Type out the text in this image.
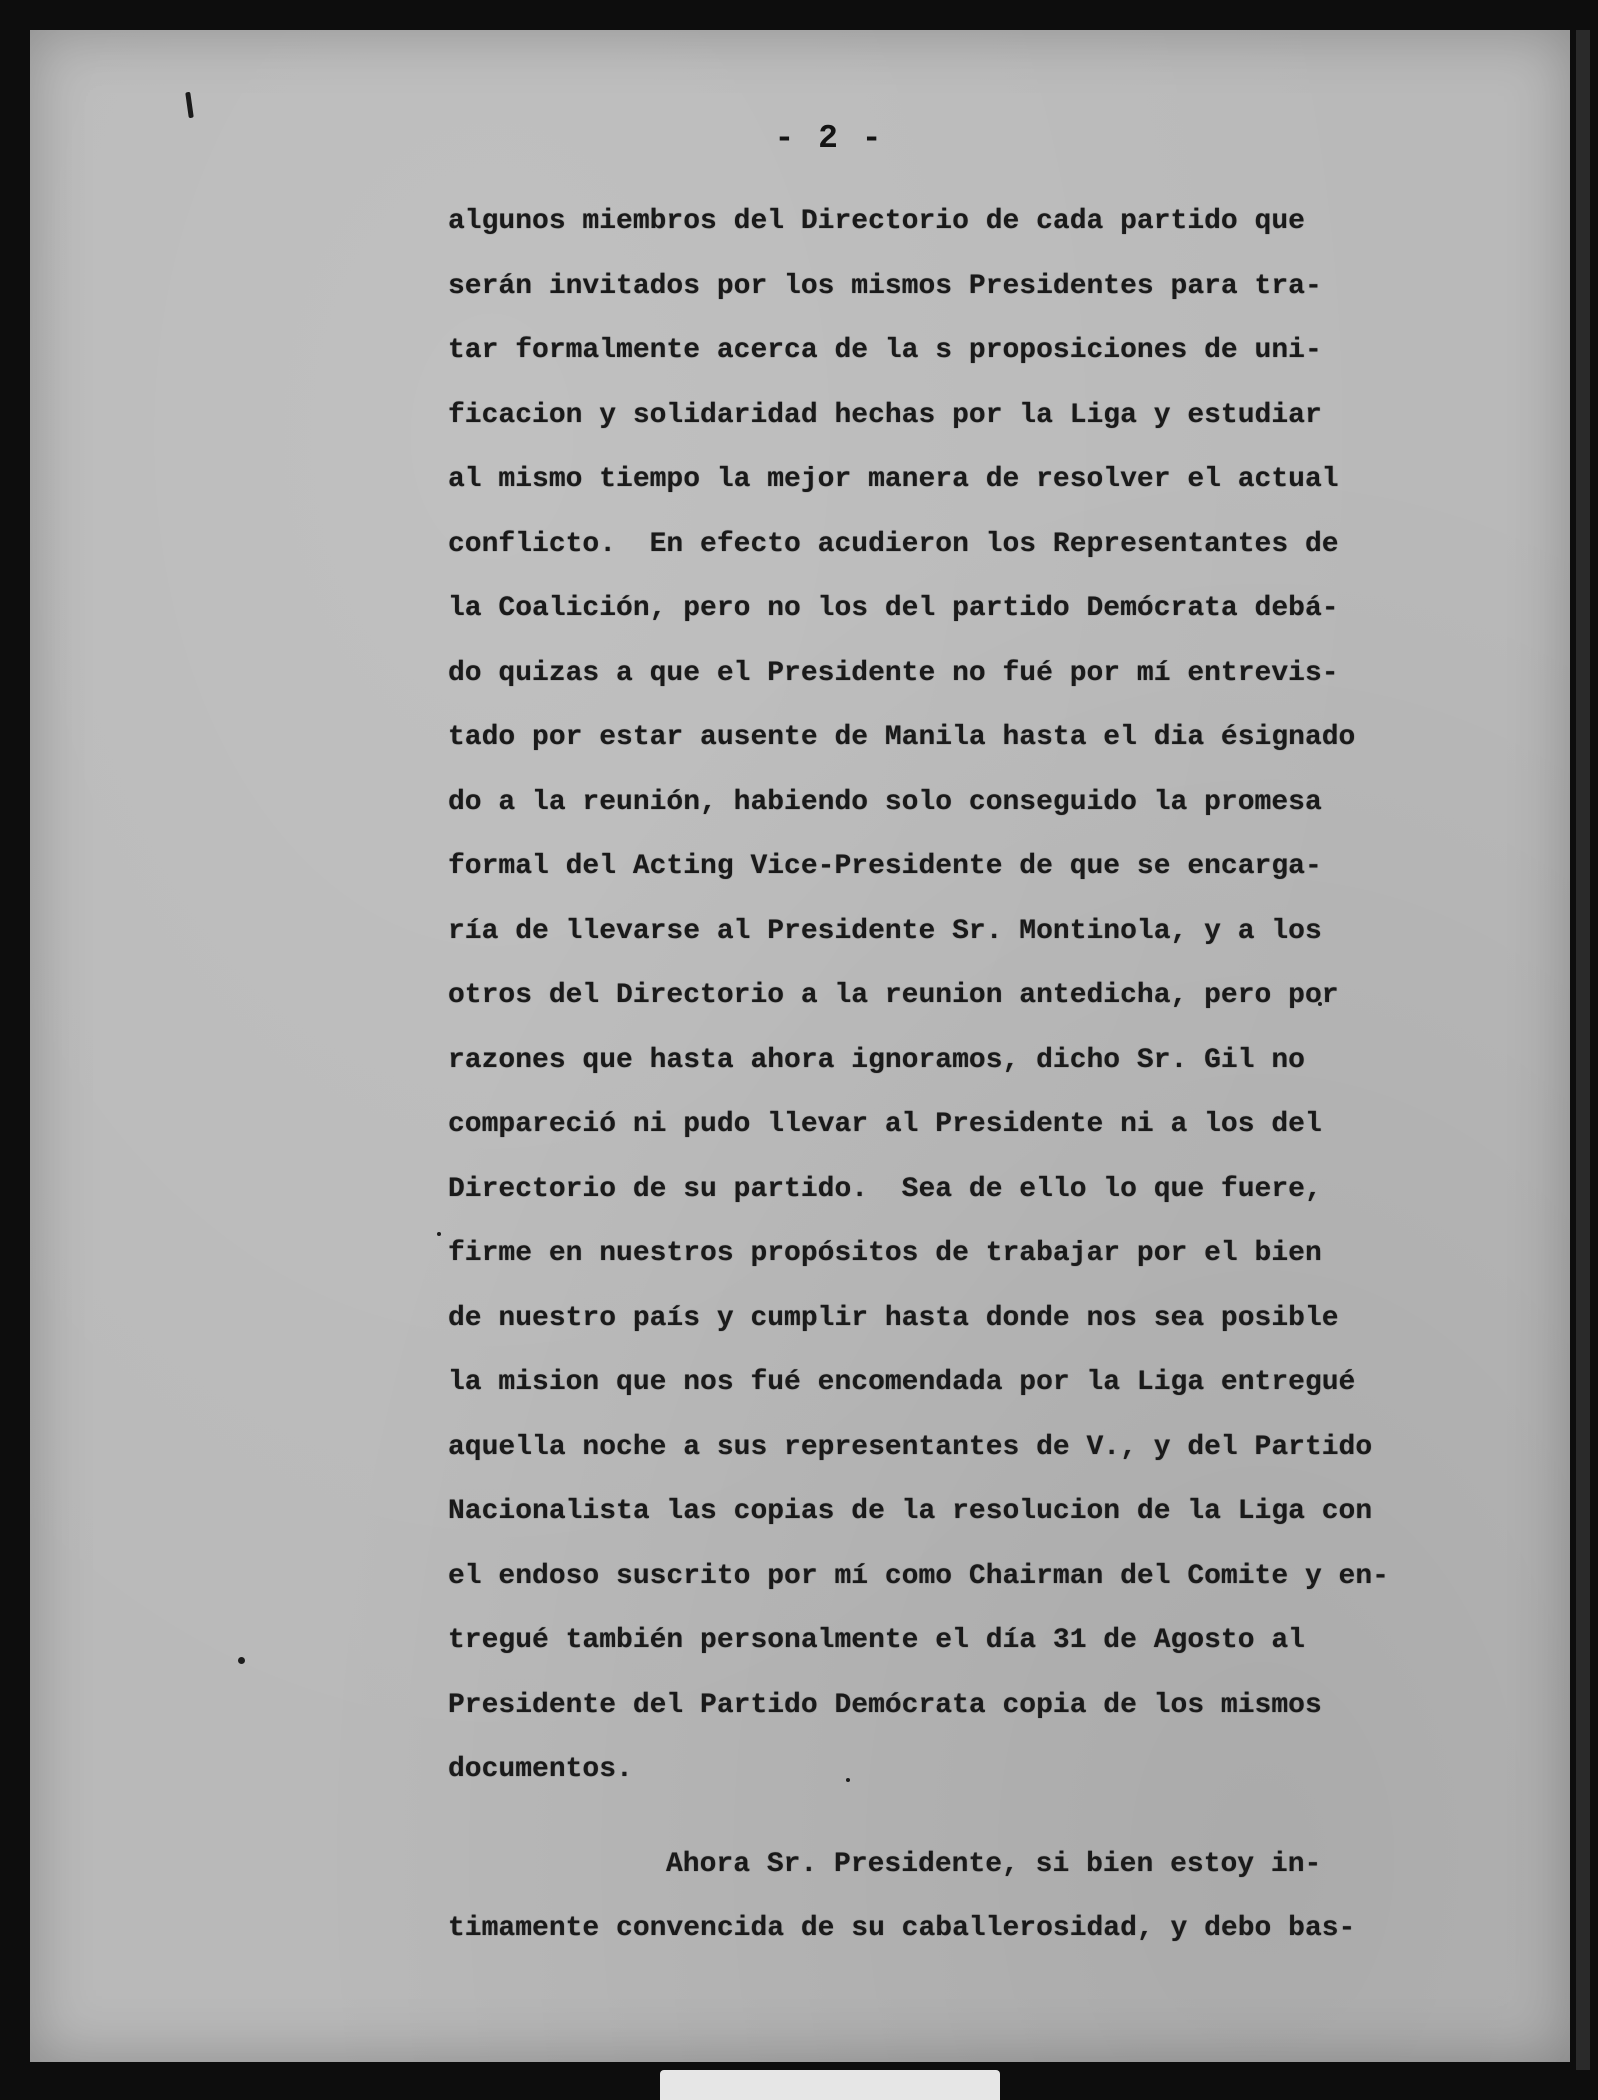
- 2 -
algunos miembros del Directorio de cada partido que
serán invitados por los mismos Presidentes para tra-
tar formalmente acerca de la s proposiciones de uni-
ficacion y solidaridad hechas por la Liga y estudiar
al mismo tiempo la mejor manera de resolver el actual
conflicto.  En efecto acudieron los Representantes de
la Coalición, pero no los del partido Demócrata debá-
do quizas a que el Presidente no fué por mí entrevis-
tado por estar ausente de Manila hasta el dia ésignado
do a la reunión, habiendo solo conseguido la promesa
formal del Acting Vice-Presidente de que se encarga-
ría de llevarse al Presidente Sr. Montinola, y a los
otros del Directorio a la reunion antedicha, pero por
razones que hasta ahora ignoramos, dicho Sr. Gil no
compareció ni pudo llevar al Presidente ni a los del
Directorio de su partido.  Sea de ello lo que fuere,
firme en nuestros propósitos de trabajar por el bien
de nuestro país y cumplir hasta donde nos sea posible
la mision que nos fué encomendada por la Liga entregué
aquella noche a sus representantes de V., y del Partido
Nacionalista las copias de la resolucion de la Liga con
el endoso suscrito por mí como Chairman del Comite y en-
tregué también personalmente el día 31 de Agosto al
Presidente del Partido Demócrata copia de los mismos
documentos.
Ahora Sr. Presidente, si bien estoy in-
timamente convencida de su caballerosidad, y debo bas-
